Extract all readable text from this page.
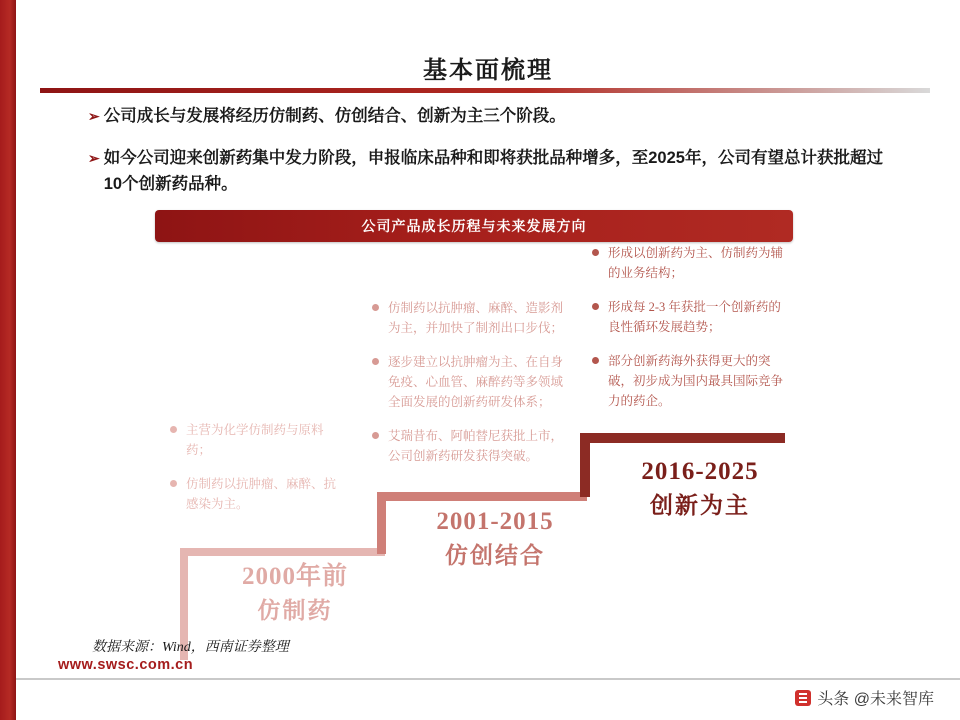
基本面梳理
➢ 公司成长与发展将经历仿制药、仿创结合、创新为主三个阶段。
➢ 如今公司迎来创新药集中发力阶段，申报临床品种和即将获批品种增多，至2025年，公司有望总计获批超过10个创新药品种。
公司产品成长历程与未来发展方向
2000年前
仿制药
2001-2015
仿创结合
2016-2025
创新为主
主营为化学仿制药与原料药；
仿制药以抗肿瘤、麻醉、抗感染为主。
仿制药以抗肿瘤、麻醉、造影剂为主，并加快了制剂出口步伐；
逐步建立以抗肿瘤为主、在自身免疫、心血管、麻醉药等多领域全面发展的创新药研发体系；
艾瑞昔布、阿帕替尼获批上市，公司创新药研发获得突破。
形成以创新药为主、仿制药为辅的业务结构；
形成每 2-3 年获批一个创新药的良性循环发展趋势；
部分创新药海外获得更大的突破，初步成为国内最具国际竞争力的药企。
数据来源：Wind，西南证券整理
www.swsc.com.cn
头条 @未来智库
